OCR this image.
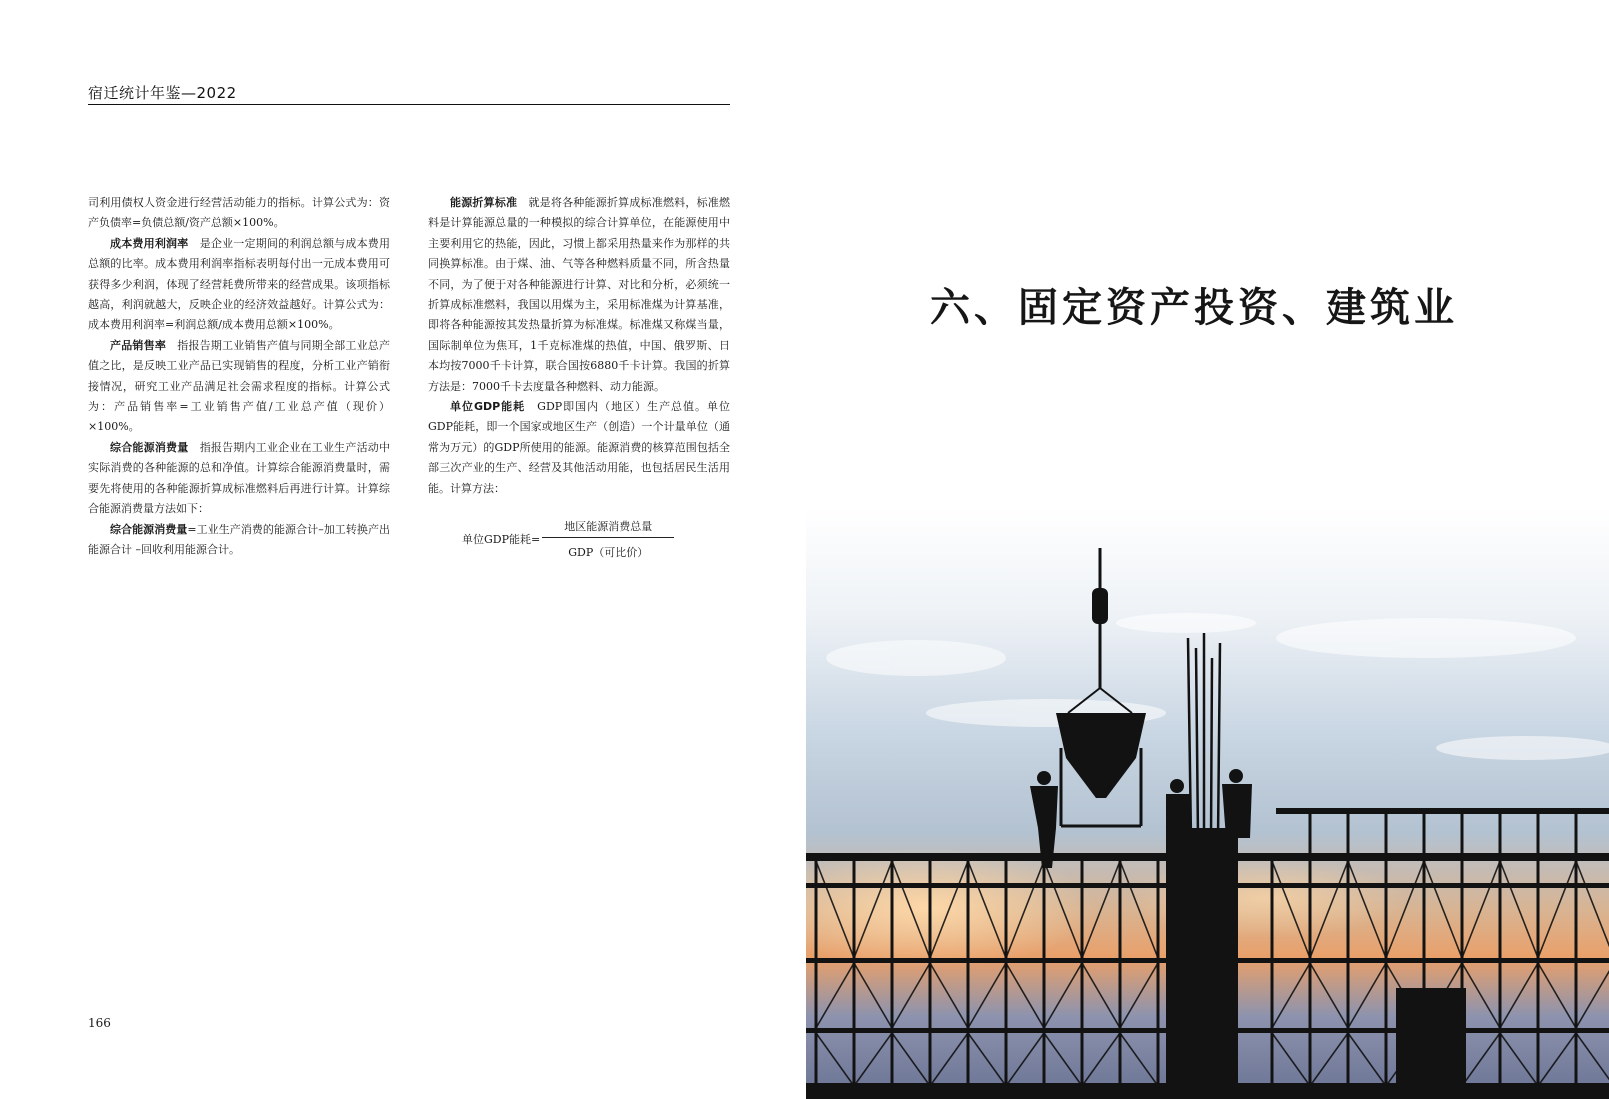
宿迁统计年鉴—2022

司利用债权人资金进行经营活动能力的指标。计算公式为：资产负债率=负债总额/资产总额×100%。

成本费用利润率　 是企业一定期间的利润总额与成本费用总额的比率。成本费用利润率指标表明每付出一元成本费用可获得多少利润，体现了经营耗费所带来的经营成果。该项指标越高，利润就越大，反映企业的经济效益越好。计算公式为：成本费用利润率=利润总额/成本费用总额×100%。

产品销售率　 指报告期工业销售产值与同期全部工业总产值之比，是反映工业产品已实现销售的程度，分析工业产销衔接情况，研究工业产品满足社会需求程度的指标。计算公式为：产品销售率=工业销售产值/工业总产值（现价）×100%。

综合能源消费量　 指报告期内工业企业在工业生产活动中实际消费的各种能源的总和净值。计算综合能源消费量时，需要先将使用的各种能源折算成标准燃料后再进行计算。计算综合能源消费量方法如下：

综合能源消费量=工业生产消费的能源合计–加工转换产出能源合计 –回收利用能源合计。

能源折算标准　 就是将各种能源折算成标准燃料，标准燃料是计算能源总量的一种模拟的综合计算单位，在能源使用中主要利用它的热能，因此，习惯上都采用热量来作为那样的共同换算标准。由于煤、油、气等各种燃料质量不同，所含热量不同，为了便于对各种能源进行计算、对比和分析，必须统一折算成标准燃料，我国以用煤为主，采用标准煤为计算基准，即将各种能源按其发热量折算为标准煤。标准煤又称煤当量，国际制单位为焦耳，1千克标准煤的热值，中国、俄罗斯、日本均按7000千卡计算，联合国按6880千卡计算。我国的折算方法是：7000千卡去度量各种燃料、动力能源。

单位GDP能耗　 GDP即国内（地区）生产总值。单位GDP能耗，即一个国家或地区生产（创造）一个计量单位（通常为万元）的GDP所使用的能源。能源消费的核算范围包括全部三次产业的生产、经营及其他活动用能，也包括居民生活用能。计算方法：

单位GDP能耗= $\frac{\text{地区能源消费总量}}{\text{GDP（可比价）}}$
166
六、固定资产投资、建筑业
